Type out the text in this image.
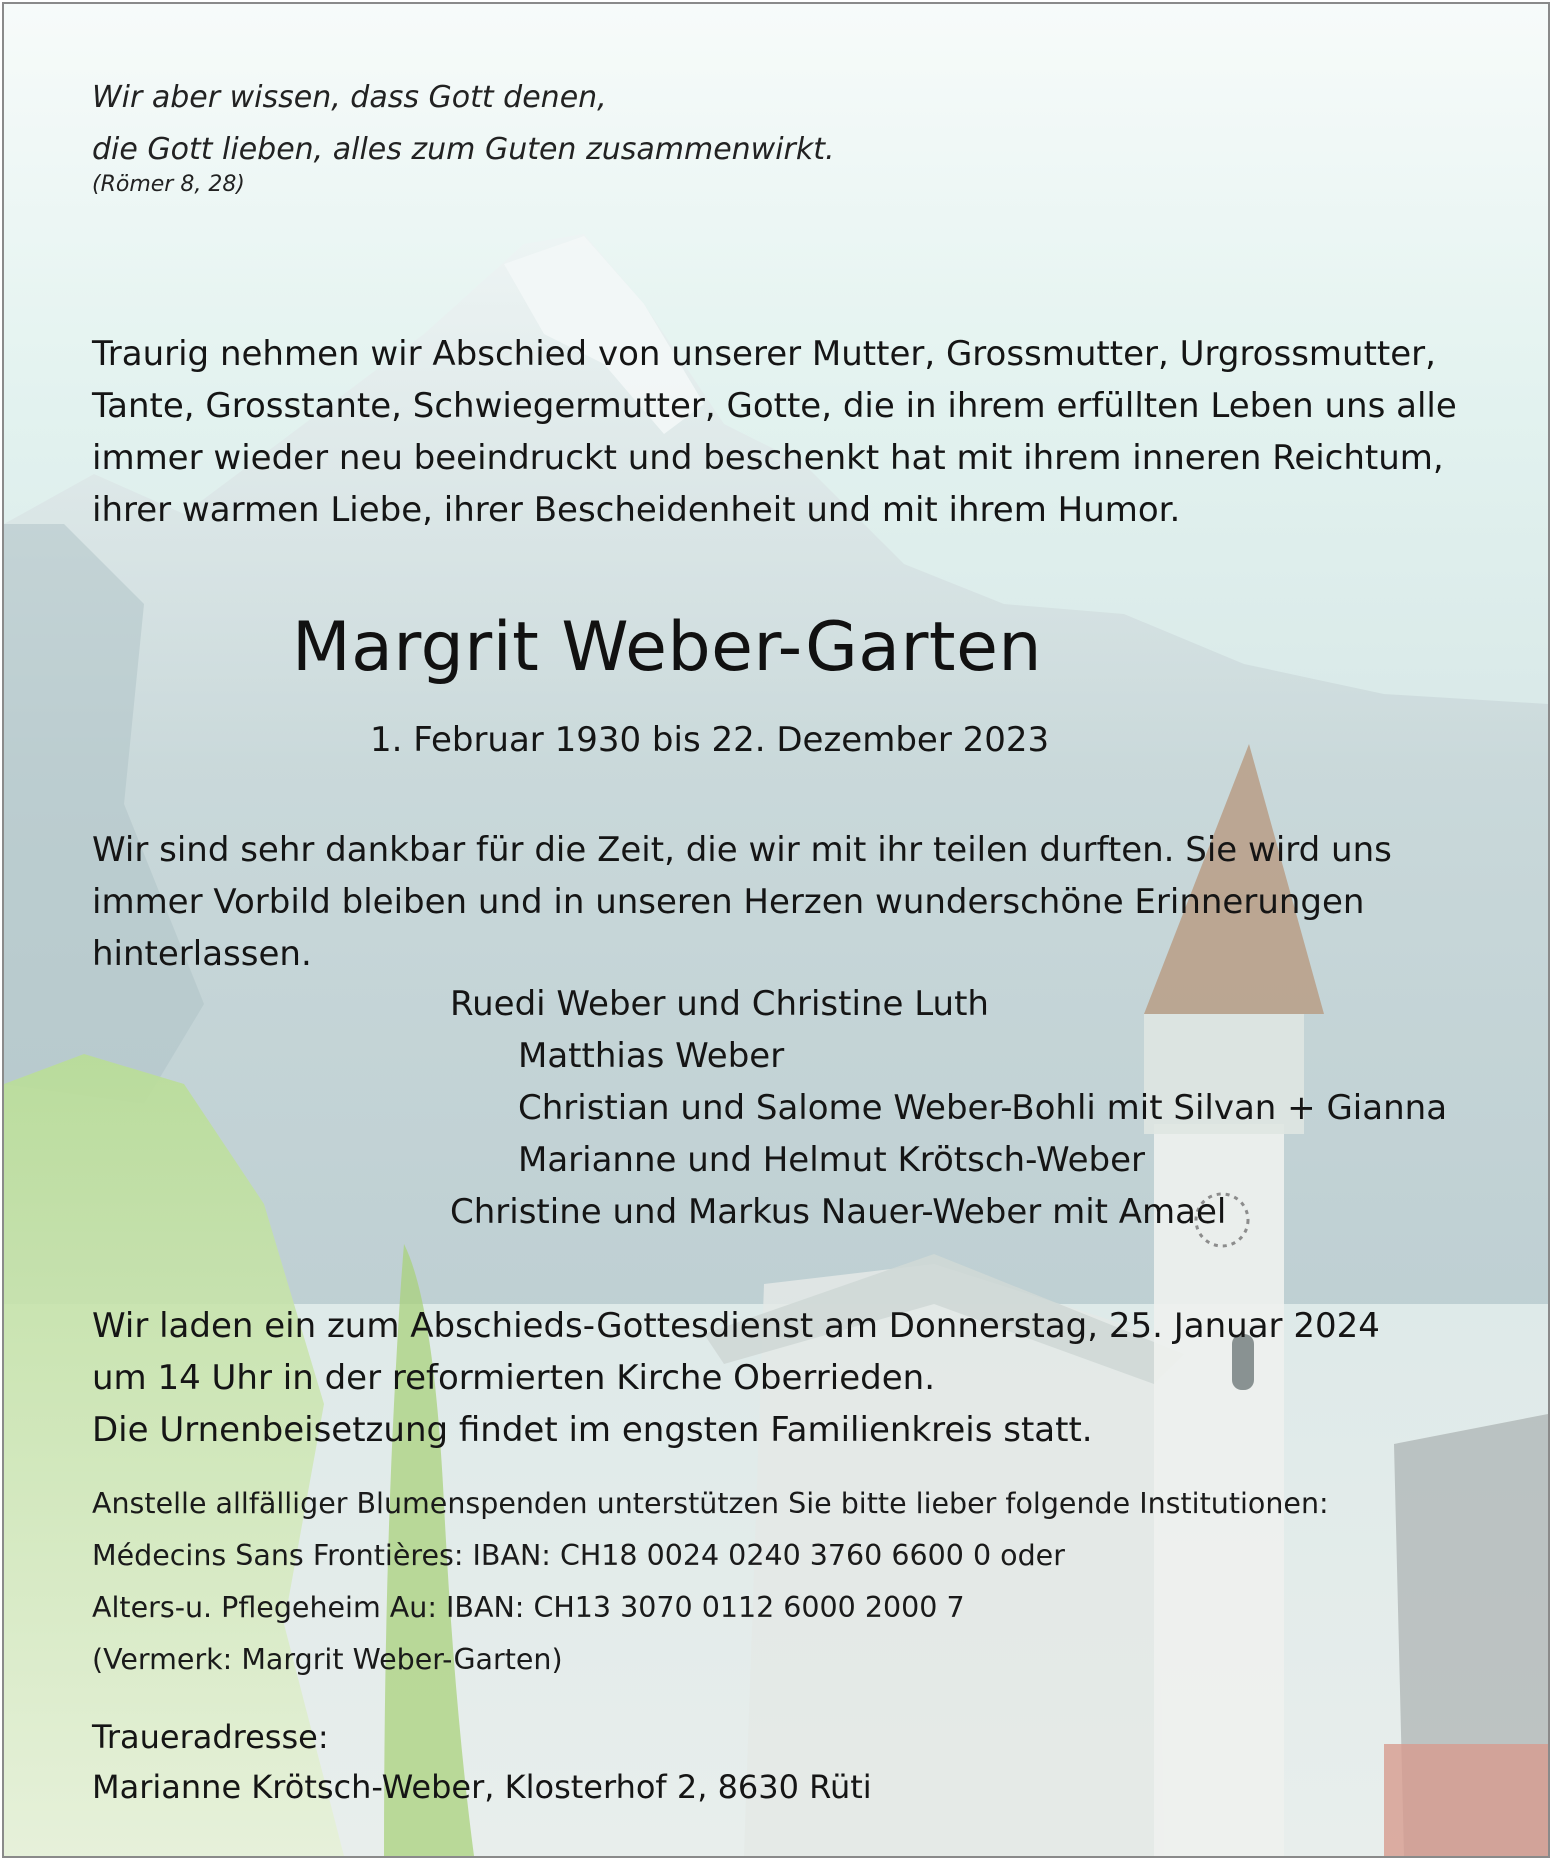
Wir aber wissen, dass Gott denen,
die Gott lieben, alles zum Guten zusammenwirkt.
(Römer 8, 28)
Traurig nehmen wir Abschied von unserer Mutter, Grossmutter, Urgrossmutter,
Tante, Grosstante, Schwiegermutter, Gotte, die in ihrem erfüllten Leben uns alle
immer wieder neu beeindruckt und beschenkt hat mit ihrem inneren Reichtum,
ihrer warmen Liebe, ihrer Bescheidenheit und mit ihrem Humor.
Margrit Weber-Garten
1. Februar 1930 bis 22. Dezember 2023
Wir sind sehr dankbar für die Zeit, die wir mit ihr teilen durften. Sie wird uns
immer Vorbild bleiben und in unseren Herzen wunderschöne Erinnerungen
hinterlassen.
Ruedi Weber und Christine Luth
Matthias Weber
Christian und Salome Weber-Bohli mit Silvan + Gianna
Marianne und Helmut Krötsch-Weber
Christine und Markus Nauer-Weber mit Amael
Wir laden ein zum Abschieds-Gottesdienst am Donnerstag, 25. Januar 2024
um 14 Uhr in der reformierten Kirche Oberrieden.
Die Urnenbeisetzung findet im engsten Familienkreis statt.
Anstelle allfälliger Blumenspenden unterstützen Sie bitte lieber folgende Institutionen:
Médecins Sans Frontières: IBAN: CH18 0024 0240 3760 6600 0 oder
Alters-u. Pflegeheim Au: IBAN: CH13 3070 0112 6000 2000 7
(Vermerk: Margrit Weber-Garten)
Traueradresse:
Marianne Krötsch-Weber, Klosterhof 2, 8630 Rüti
